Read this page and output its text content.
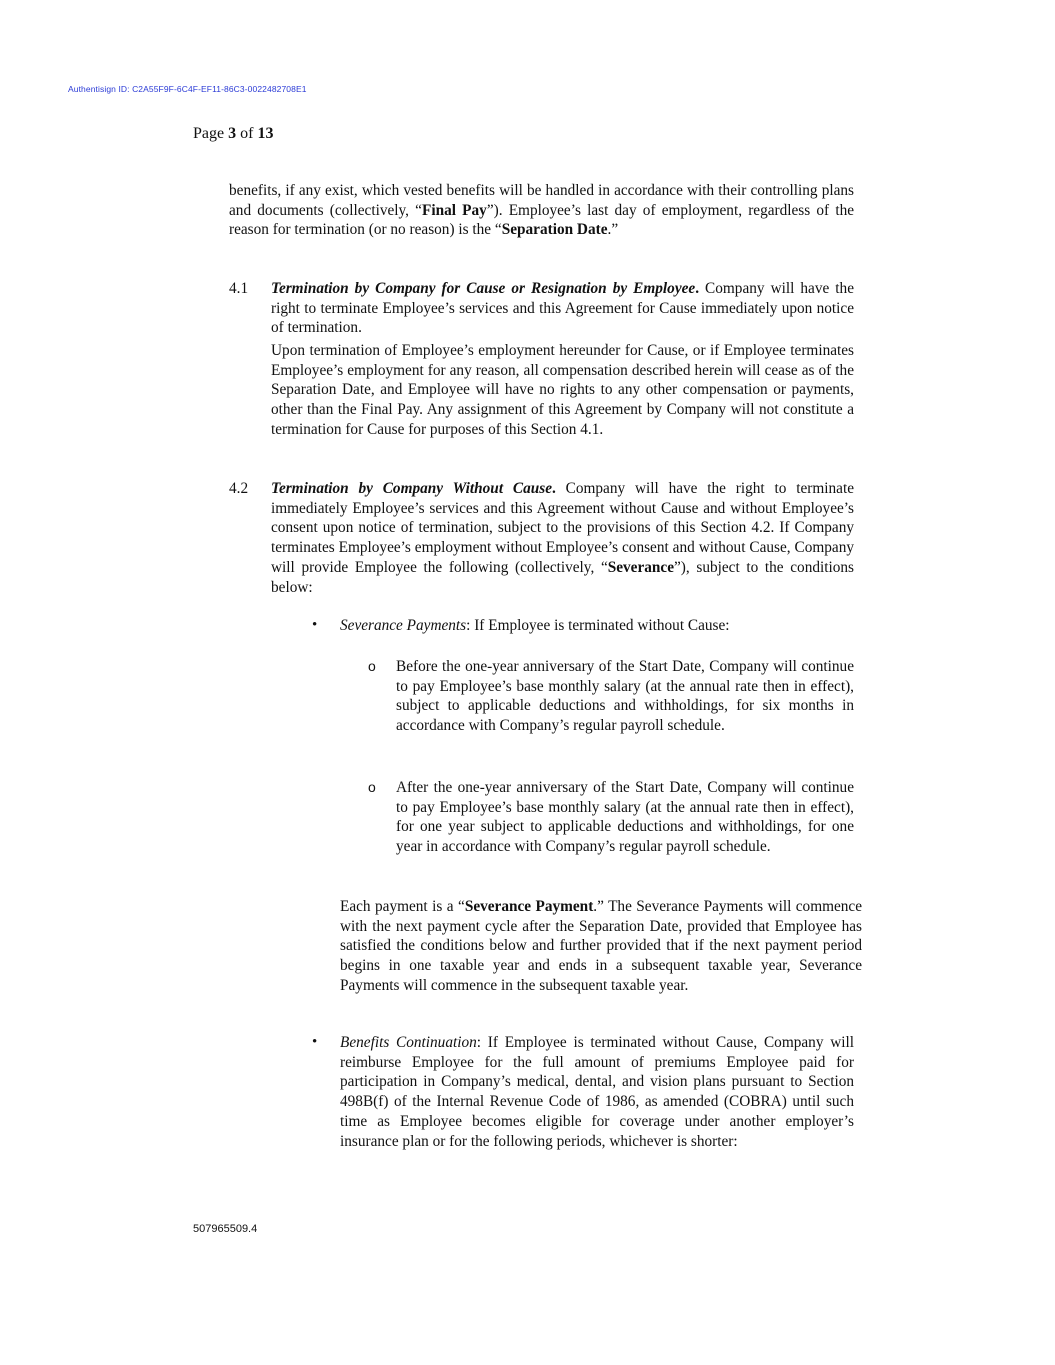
Authentisign ID: C2A55F9F-6C4F-EF11-86C3-0022482708E1
Page 3 of 13

benefits, if any exist, which vested benefits will be handled in accordance with their controlling plans and documents (collectively, “Final Pay”). Employee’s last day of employment, regardless of the reason for termination (or no reason) is the “Separation Date.”

4.1 Termination by Company for Cause or Resignation by Employee. Company will have the right to terminate Employee’s services and this Agreement for Cause immediately upon notice of termination.

Upon termination of Employee’s employment hereunder for Cause, or if Employee terminates Employee’s employment for any reason, all compensation described herein will cease as of the Separation Date, and Employee will have no rights to any other compensation or payments, other than the Final Pay. Any assignment of this Agreement by Company will not constitute a termination for Cause for purposes of this Section 4.1.

4.2 Termination by Company Without Cause. Company will have the right to terminate immediately Employee’s services and this Agreement without Cause and without Employee’s consent upon notice of termination, subject to the provisions of this Section 4.2. If Company terminates Employee’s employment without Employee’s consent and without Cause, Company will provide Employee the following (collectively, “Severance”), subject to the conditions below:

• Severance Payments: If Employee is terminated without Cause:

o Before the one-year anniversary of the Start Date, Company will continue to pay Employee’s base monthly salary (at the annual rate then in effect), subject to applicable deductions and withholdings, for six months in accordance with Company’s regular payroll schedule.

o After the one-year anniversary of the Start Date, Company will continue to pay Employee’s base monthly salary (at the annual rate then in effect), for one year subject to applicable deductions and withholdings, for one year in accordance with Company’s regular payroll schedule.

Each payment is a “Severance Payment.” The Severance Payments will commence with the next payment cycle after the Separation Date, provided that Employee has satisfied the conditions below and further provided that if the next payment period begins in one taxable year and ends in a subsequent taxable year, Severance Payments will commence in the subsequent taxable year.

• Benefits Continuation: If Employee is terminated without Cause, Company will reimburse Employee for the full amount of premiums Employee paid for participation in Company’s medical, dental, and vision plans pursuant to Section 498B(f) of the Internal Revenue Code of 1986, as amended (COBRA) until such time as Employee becomes eligible for coverage under another employer’s insurance plan or for the following periods, whichever is shorter:

507965509.4
